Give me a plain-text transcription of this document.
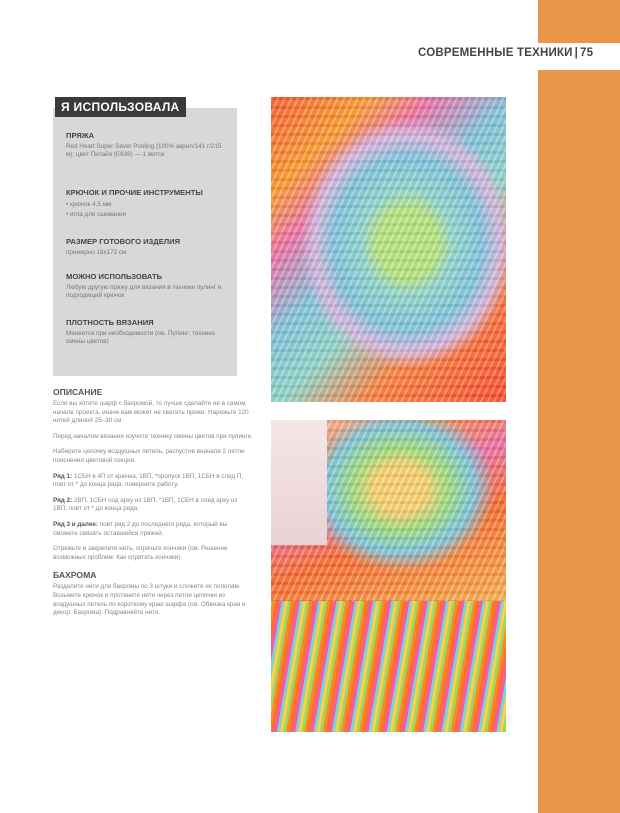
СОВРЕМЕННЫЕ ТЕХНИКИ | 75
Я ИСПОЛЬЗОВАЛА
ПРЯЖА
Red Heart Super Saver Pooling (100% акрил/141 г/215 м); цвет Питайя (E836) — 1 моток
КРЮЧОК И ПРОЧИЕ ИНСТРУМЕНТЫ
• крючок 4,5 мм
• игла для сшивания
РАЗМЕР ГОТОВОГО ИЗДЕЛИЯ
примерно 18х172 см
МОЖНО ИСПОЛЬЗОВАТЬ
Любую другую пряжу для вязания в технике пулинг и подходящий крючок
ПЛОТНОСТЬ ВЯЗАНИЯ
Меняется при необходимости (см. Пулинг: техника смены цветов)
ОПИСАНИЕ

Если вы хотите шарф с бахромой, то лучше сделайте ее в самом начале проекта, иначе вам может не хватить пряжи. Нарежьте 120 нитей длиной 25–30 см.

Перед началом вязания изучите технику смены цветов при пулинге.

Наберите цепочку воздушных петель, распустив вначале 2 петли пояснения цветовой секции.

Ряд 1: 1СБН в 4П от крючка, 1ВП, *пропуск 1ВП, 1СБН в след П, повт от * до конца ряда, поверните работу.

Ряд 2: 2ВП, 1СБН под арку из 1ВП, *1ВП, 1СБН в след арку из 1ВП, повт от * до конца ряда.

Ряд 3 и далее: повт ряд 2 до последнего ряда, который вы сможете связать оставшейся пряжей.

Отрежьте и закрепите нить, спрячьте кончики (см. Решение возможных проблем: Как спрятать кончики).

БАХРОМА

Разделите нити для бахромы по 3 штуки и сложите их пополам. Возьмите крючок и протяните нити через петли цепочки из воздушных петель по короткому краю шарфа (см. Обвязка края и декор: Бахрома). Подравняйте нити.
